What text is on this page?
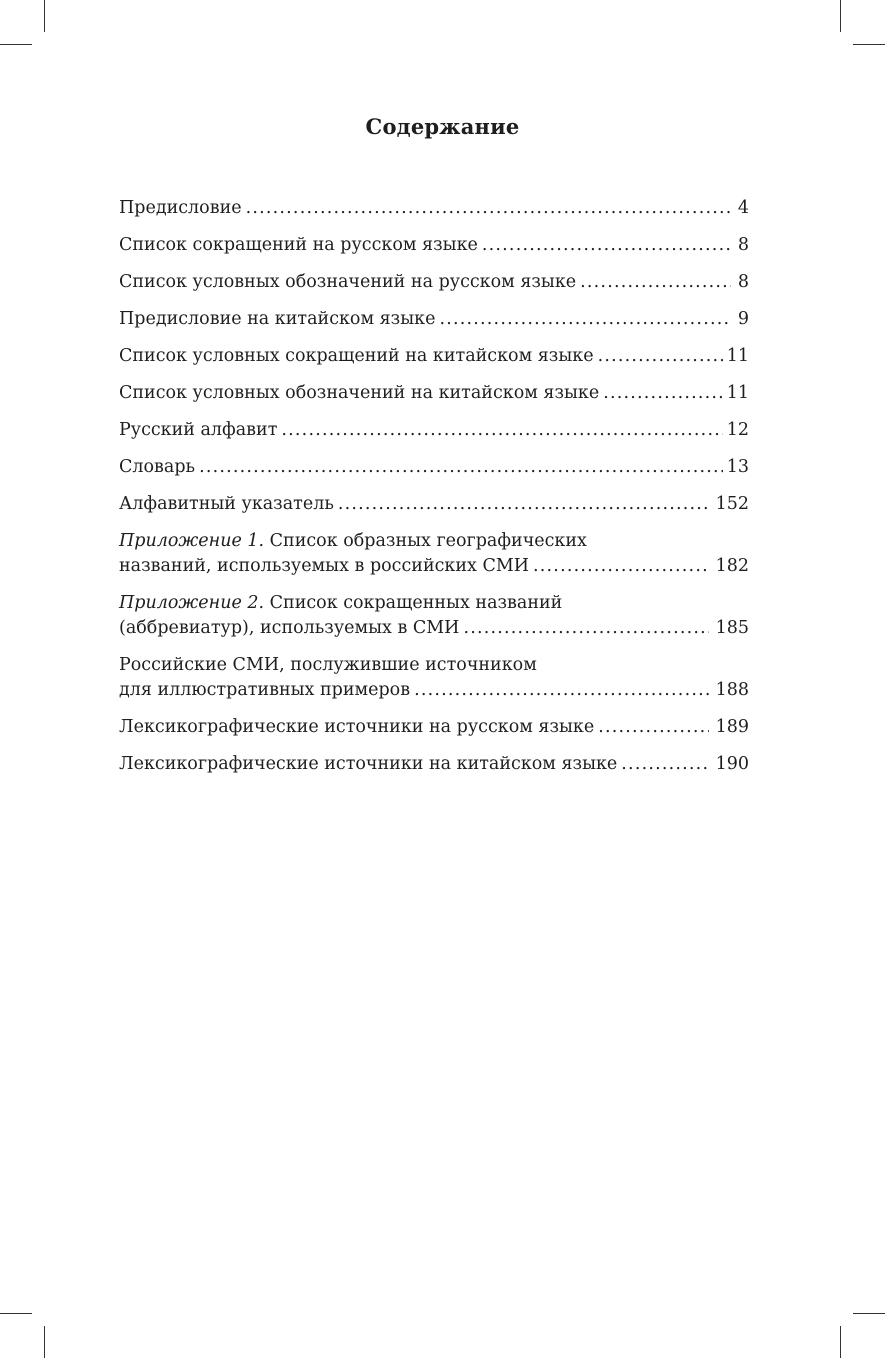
Содержание
Предисловие .....	4
Список сокращений на русском языке .....	8
Список условных обозначений на русском языке .....	8
Предисловие на китайском языке .....	9
Список условных сокращений на китайском языке .....	11
Список условных обозначений на китайском языке .....	11
Русский алфавит .....	12
Словарь .....	13
Алфавитный указатель .....	152
Приложение 1. Список образных географических
названий, используемых в российских СМИ .....	182
Приложение 2. Список сокращенных названий
(аббревиатур), используемых в СМИ .....	185
Российские СМИ, послужившие источником
для иллюстративных примеров .....	188
Лексикографические источники на русском языке .....	189
Лексикографические источники на китайском языке .....	190
